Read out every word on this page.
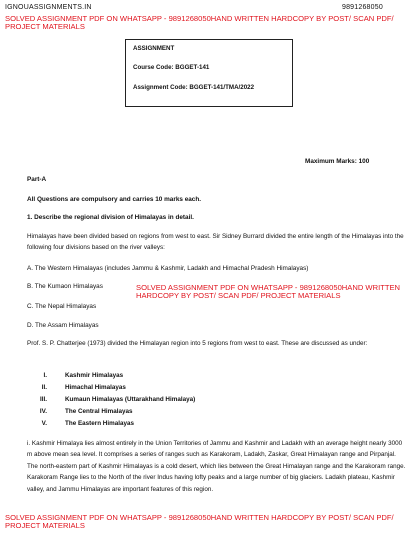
IGNOUASSIGNMENTS.IN	9891268050
SOLVED ASSIGNMENT PDF ON WHATSAPP - 9891268050HAND WRITTEN HARDCOPY BY POST/ SCAN PDF/
PROJECT MATERIALS
ASSIGNMENT
Course Code: BGGET-141
Assignment Code: BGGET-141/TMA/2022
Maximum Marks: 100
Part-A
All Questions are compulsory and carries 10 marks each.
1. Describe the regional division of Himalayas in detail.
Himalayas have been divided based on regions from west to east. Sir Sidney Burrard divided the entire length of the Himalayas into the following four divisions based on the river valleys:
A. The Western Himalayas (includes Jammu & Kashmir, Ladakh and Himachal Pradesh Himalayas)
B. The Kumaon Himalayas
C. The Nepal Himalayas
D. The Assam Himalayas
SOLVED ASSIGNMENT PDF ON WHATSAPP - 9891268050HAND WRITTEN
HARDCOPY BY POST/ SCAN PDF/ PROJECT MATERIALS
Prof. S. P. Chatterjee (1973) divided the Himalayan region into 5 regions from west to east. These are discussed as under:
I.	Kashmir Himalayas
II.	Himachal Himalayas
III.	Kumaun Himalayas (Uttarakhand Himalaya)
IV.	The Central Himalayas
V.	The Eastern Himalayas
i. Kashmir Himalaya lies almost entirely in the Union Territories of Jammu and Kashmir and Ladakh with an average height nearly 3000 m above mean sea level. It comprises a series of ranges such as Karakoram, Ladakh, Zaskar, Great Himalayan range and Pirpanjal. The north-eastern part of Kashmir Himalayas is a cold desert, which lies between the Great Himalayan range and the Karakoram range. Karakoram Range lies to the North of the river Indus having lofty peaks and a large number of big glaciers. Ladakh plateau, Kashmir valley, and Jammu Himalayas are important features of this region.
SOLVED ASSIGNMENT PDF ON WHATSAPP - 9891268050HAND WRITTEN HARDCOPY BY POST/ SCAN PDF/
PROJECT MATERIALS
